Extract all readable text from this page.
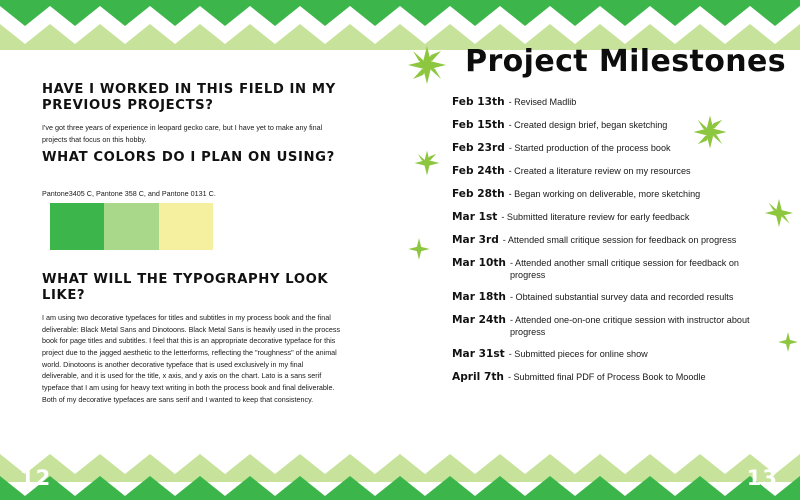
HAVE I WORKED IN THIS FIELD IN MY PREVIOUS PROJECTS?

I've got three years of experience in leopard gecko care, but I have yet to make any final projects that focus on this hobby.

WHAT COLORS DO I PLAN ON USING?

Pantone3405 C, Pantone 358 C, and Pantone 0131 C.

WHAT WILL THE TYPOGRAPHY LOOK LIKE?

I am using two decorative typefaces for titles and subtitles in my process book and the final deliverable: Black Metal Sans and Dinotoons. Black Metal Sans is heavily used in the process book for page titles and subtitles. I feel that this is an appropriate decorative typeface for this project due to the jagged aesthetic to the letterforms, reflecting the "roughness" of the animal world. Dinotoons is another decorative typeface that is used exclusively in my final deliverable, and it is used for the title, x axis, and y axis on the chart. Lato is a sans serif typeface that I am using for heavy text writing in both the process book and final deliverable. Both of my decorative typefaces are sans serif and I wanted to keep that consistency.

12
Project Milestones
Feb 13th - Revised Madlib
Feb 15th - Created design brief, began sketching
Feb 23rd - Started production of the process book
Feb 24th - Created a literature review on my resources
Feb 28th - Began working on deliverable, more sketching
Mar 1st - Submitted literature review for early feedback
Mar 3rd - Attended small critique session for feedback on progress
Mar 10th - Attended another small critique session for feedback on progress
Mar 18th - Obtained substantial survey data and recorded results
Mar 24th - Attended one-on-one critique session with instructor about progress
Mar 31st - Submitted pieces for online show
April 7th - Submitted final PDF of Process Book to Moodle
13
